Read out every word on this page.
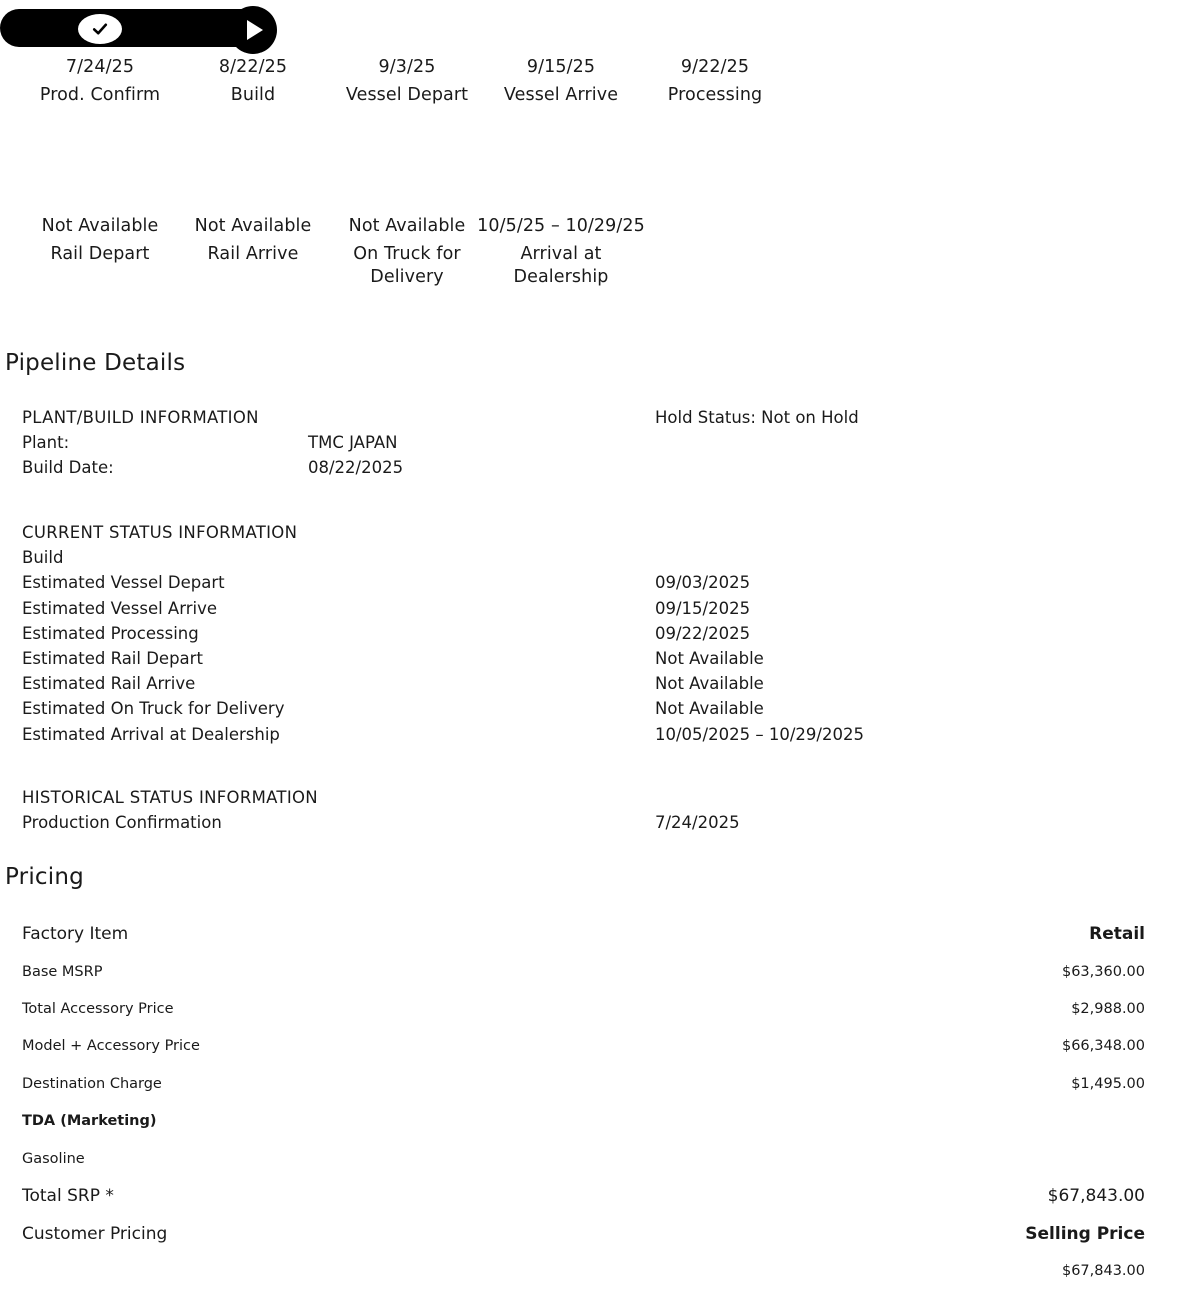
7/24/25
Prod. Confirm
8/22/25
Build
9/3/25
Vessel Depart
9/15/25
Vessel Arrive
9/22/25
Processing
Not Available
Rail Depart
Not Available
Rail Arrive
Not Available
On Truck for Delivery
10/5/25 – 10/29/25
Arrival at Dealership
Pipeline Details
PLANT/BUILD INFORMATION
Plant:	TMC JAPAN
Build Date:	08/22/2025
Hold Status: Not on Hold
CURRENT STATUS INFORMATION
Build
Estimated Vessel Depart	09/03/2025
Estimated Vessel Arrive	09/15/2025
Estimated Processing	09/22/2025
Estimated Rail Depart	Not Available
Estimated Rail Arrive	Not Available
Estimated On Truck for Delivery	Not Available
Estimated Arrival at Dealership	10/05/2025 – 10/29/2025
HISTORICAL STATUS INFORMATION
Production Confirmation	7/24/2025
Pricing
Factory Item	Retail
Base MSRP	$63,360.00
Total Accessory Price	$2,988.00
Model + Accessory Price	$66,348.00
Destination Charge	$1,495.00
TDA (Marketing)
Gasoline
Total SRP *	$67,843.00
Customer Pricing	Selling Price
$67,843.00
